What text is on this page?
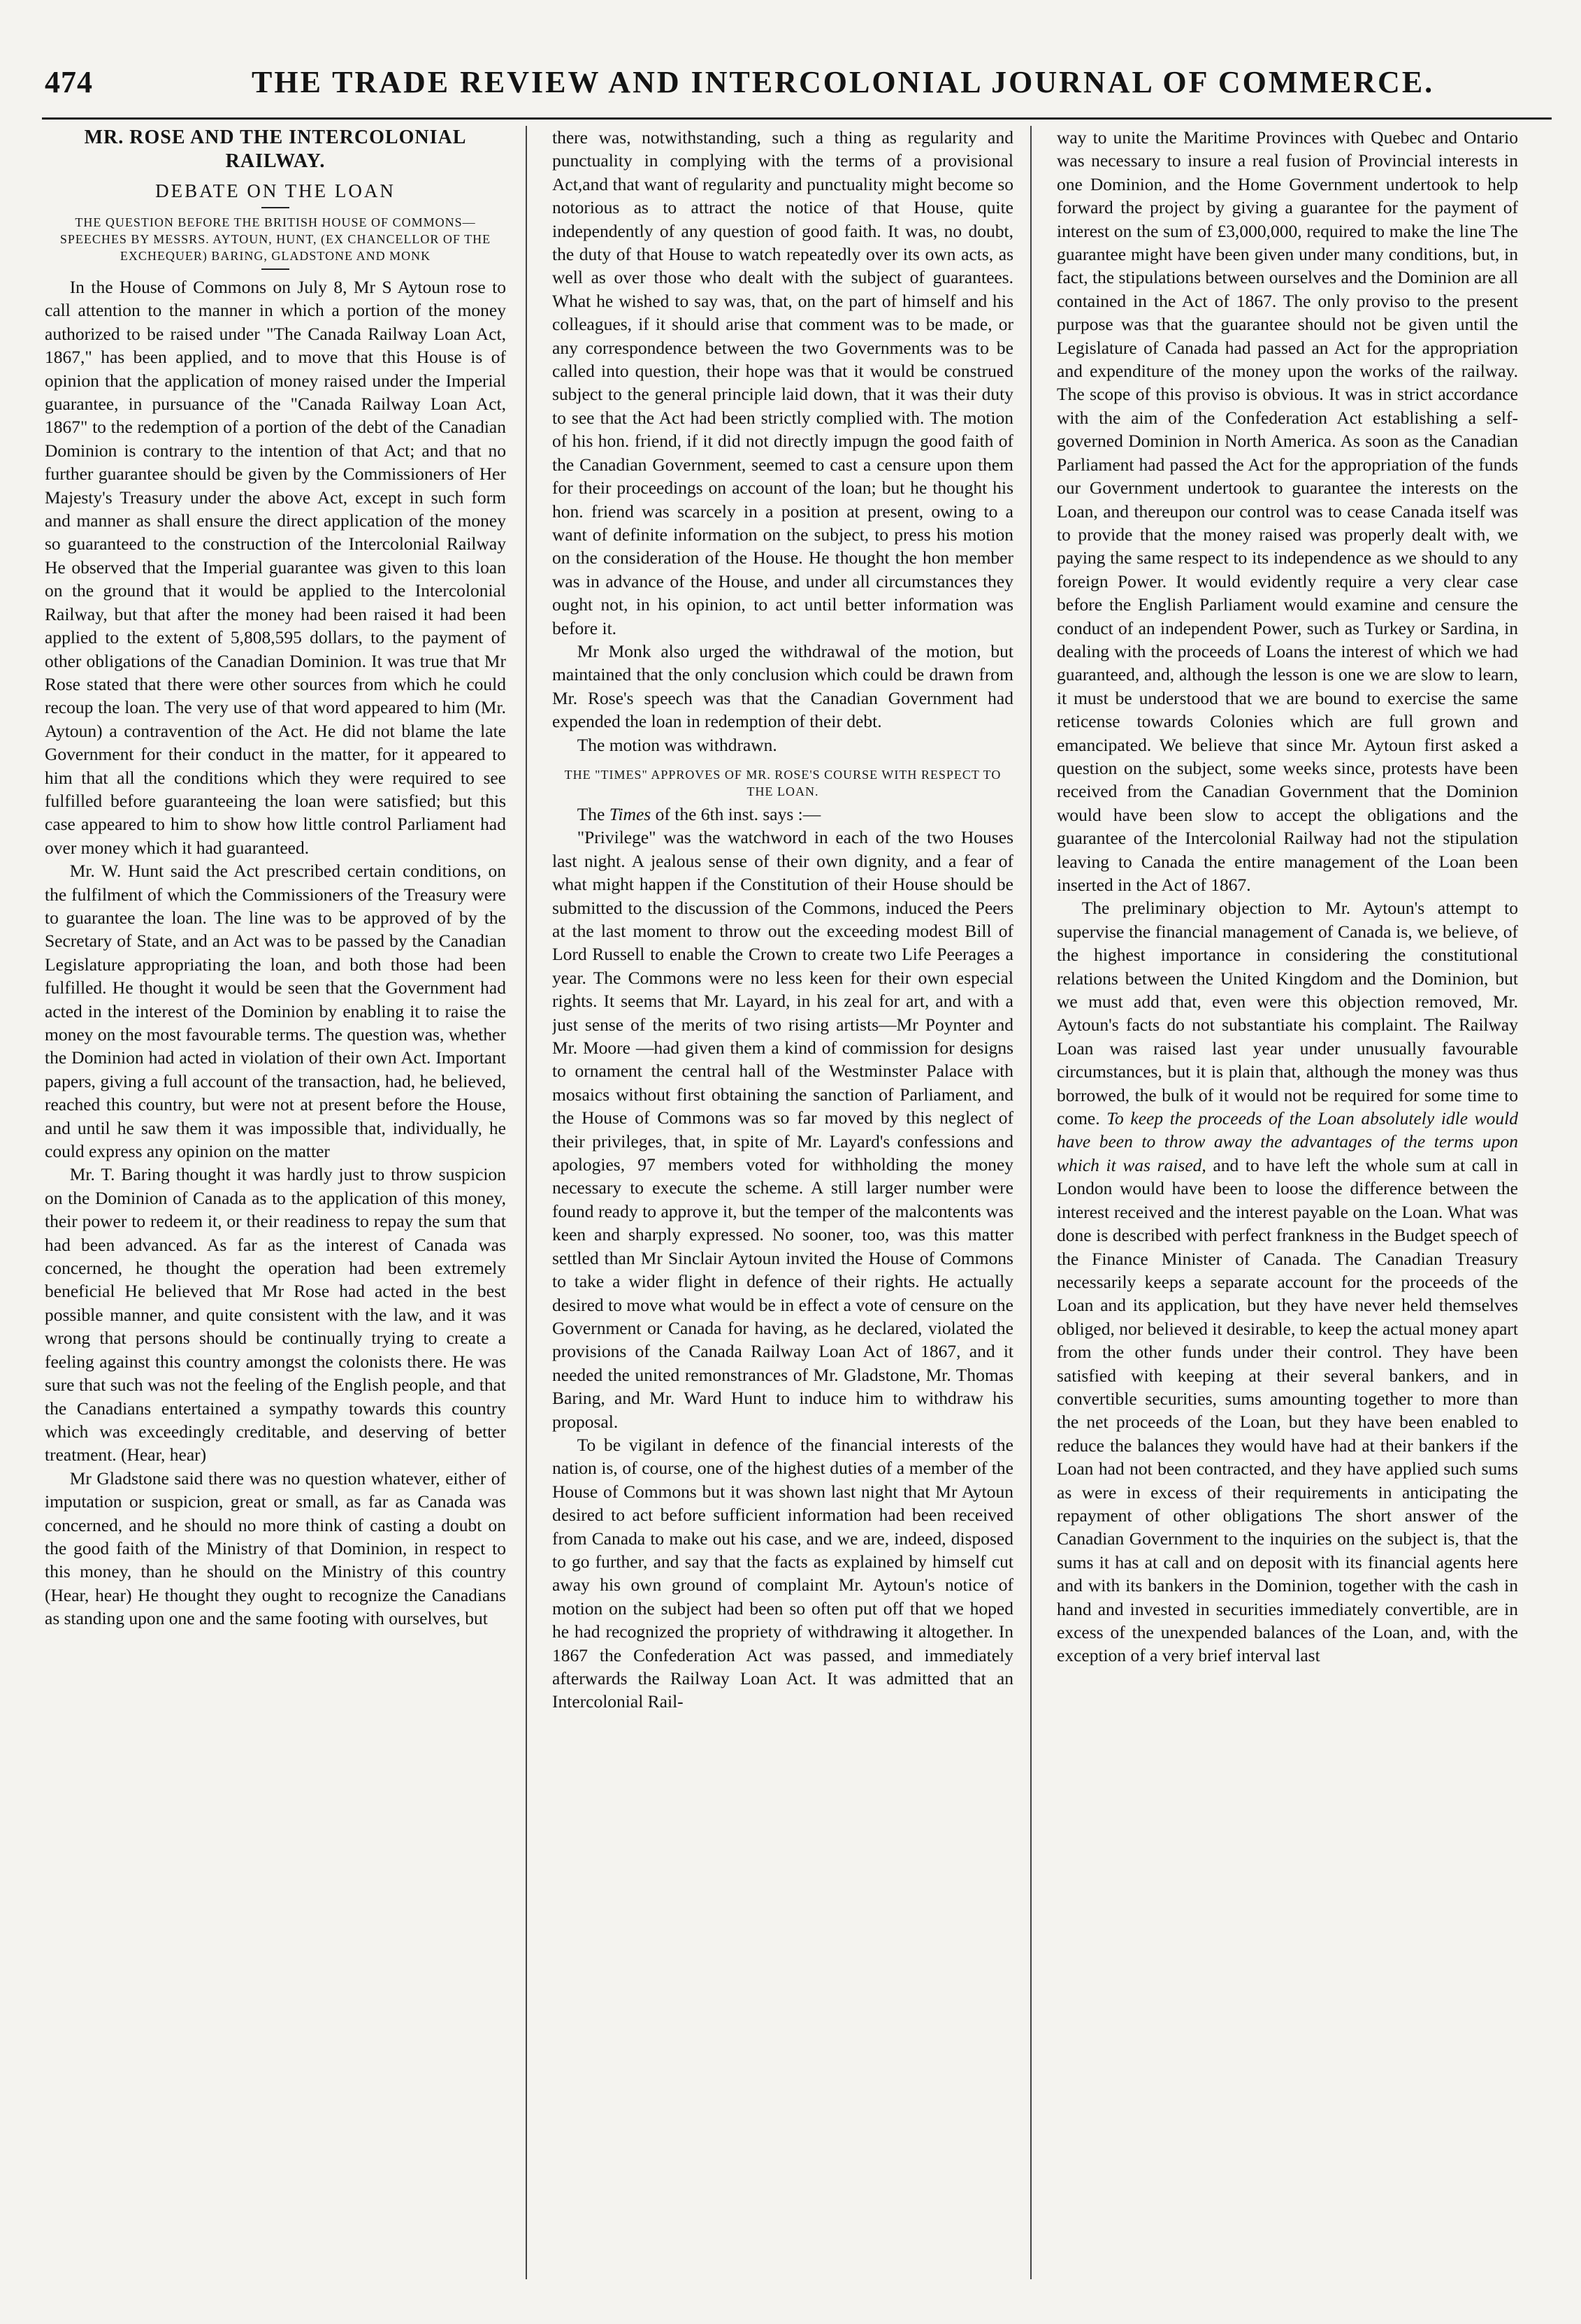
474	THE TRADE REVIEW AND INTERCOLONIAL JOURNAL OF COMMERCE.
MR. ROSE AND THE INTERCOLONIAL RAILWAY.
DEBATE ON THE LOAN
THE QUESTION BEFORE THE BRITISH HOUSE OF COMMONS—SPEECHES BY MESSRS. AYTOUN, HUNT, (EX CHANCELLOR OF THE EXCHEQUER) BARING, GLADSTONE AND MONK

In the House of Commons on July 8, Mr S Aytoun rose to call attention to the manner in which a portion of the money authorized to be raised under "The Canada Railway Loan Act, 1867," has been applied, and to move that this House is of opinion that the application of money raised under the Imperial guarantee, in pursuance of the "Canada Railway Loan Act, 1867" to the redemption of a portion of the debt of the Canadian Dominion is contrary to the intention of that Act; and that no further guarantee should be given by the Commissioners of Her Majesty's Treasury under the above Act, except in such form and manner as shall ensure the direct application of the money so guaranteed to the construction of the Intercolonial Railway He observed that the Imperial guarantee was given to this loan on the ground that it would be applied to the Intercolonial Railway, but that after the money had been raised it had been applied to the extent of 5,808,595 dollars, to the payment of other obligations of the Canadian Dominion. It was true that Mr Rose stated that there were other sources from which he could recoup the loan. The very use of that word appeared to him (Mr. Aytoun) a contravention of the Act. He did not blame the late Government for their conduct in the matter, for it appeared to him that all the conditions which they were required to see fulfilled before guaranteeing the loan were satisfied; but this case appeared to him to show how little control Parliament had over money which it had guaranteed.

Mr. W. Hunt said the Act prescribed certain conditions, on the fulfilment of which the Commissioners of the Treasury were to guarantee the loan. The line was to be approved of by the Secretary of State, and an Act was to be passed by the Canadian Legislature appropriating the loan, and both those had been fulfilled. He thought it would be seen that the Government had acted in the interest of the Dominion by enabling it to raise the money on the most favourable terms. The question was, whether the Dominion had acted in violation of their own Act. Important papers, giving a full account of the transaction, had, he believed, reached this country, but were not at present before the House, and until he saw them it was impossible that, individually, he could express any opinion on the matter

Mr. T. Baring thought it was hardly just to throw suspicion on the Dominion of Canada as to the application of this money, their power to redeem it, or their readiness to repay the sum that had been advanced. As far as the interest of Canada was concerned, he thought the operation had been extremely beneficial He believed that Mr Rose had acted in the best possible manner, and quite consistent with the law, and it was wrong that persons should be continually trying to create a feeling against this country amongst the colonists there. He was sure that such was not the feeling of the English people, and that the Canadians entertained a sympathy towards this country which was exceedingly creditable, and deserving of better treatment. (Hear, hear)

Mr Gladstone said there was no question whatever, either of imputation or suspicion, great or small, as far as Canada was concerned, and he should no more think of casting a doubt on the good faith of the Ministry of that Dominion, in respect to this money, than he should on the Ministry of this country (Hear, hear) He thought they ought to recognize the Canadians as standing upon one and the same footing with ourselves, but

there was, notwithstanding, such a thing as regularity and punctuality in complying with the terms of a provisional Act,and that want of regularity and punctuality might become so notorious as to attract the notice of that House, quite independently of any question of good faith. It was, no doubt, the duty of that House to watch repeatedly over its own acts, as well as over those who dealt with the subject of guarantees. What he wished to say was, that, on the part of himself and his colleagues, if it should arise that comment was to be made, or any correspondence between the two Governments was to be called into question, their hope was that it would be construed subject to the general principle laid down, that it was their duty to see that the Act had been strictly complied with. The motion of his hon. friend, if it did not directly impugn the good faith of the Canadian Government, seemed to cast a censure upon them for their proceedings on account of the loan; but he thought his hon. friend was scarcely in a position at present, owing to a want of definite information on the subject, to press his motion on the consideration of the House. He thought the hon member was in advance of the House, and under all circumstances they ought not, in his opinion, to act until better information was before it.

Mr Monk also urged the withdrawal of the motion, but maintained that the only conclusion which could be drawn from Mr. Rose's speech was that the Canadian Government had expended the loan in redemption of their debt.

The motion was withdrawn.

THE "TIMES" APPROVES OF MR. ROSE'S COURSE WITH RESPECT TO THE LOAN.

The Times of the 6th inst. says :—

"Privilege" was the watchword in each of the two Houses last night. A jealous sense of their own dignity, and a fear of what might happen if the Constitution of their House should be submitted to the discussion of the Commons, induced the Peers at the last moment to throw out the exceeding modest Bill of Lord Russell to enable the Crown to create two Life Peerages a year. The Commons were no less keen for their own especial rights. It seems that Mr. Layard, in his zeal for art, and with a just sense of the merits of two rising artists—Mr Poynter and Mr. Moore —had given them a kind of commission for designs to ornament the central hall of the Westminster Palace with mosaics without first obtaining the sanction of Parliament, and the House of Commons was so far moved by this neglect of their privileges, that, in spite of Mr. Layard's confessions and apologies, 97 members voted for withholding the money necessary to execute the scheme. A still larger number were found ready to approve it, but the temper of the malcontents was keen and sharply expressed. No sooner, too, was this matter settled than Mr Sinclair Aytoun invited the House of Commons to take a wider flight in defence of their rights. He actually desired to move what would be in effect a vote of censure on the Government or Canada for having, as he declared, violated the provisions of the Canada Railway Loan Act of 1867, and it needed the united remonstrances of Mr. Gladstone, Mr. Thomas Baring, and Mr. Ward Hunt to induce him to withdraw his proposal.

To be vigilant in defence of the financial interests of the nation is, of course, one of the highest duties of a member of the House of Commons but it was shown last night that Mr Aytoun desired to act before sufficient information had been received from Canada to make out his case, and we are, indeed, disposed to go further, and say that the facts as explained by himself cut away his own ground of complaint Mr. Aytoun's notice of motion on the subject had been so often put off that we hoped he had recognized the propriety of withdrawing it altogether. In 1867 the Confederation Act was passed, and immediately afterwards the Railway Loan Act. It was admitted that an Intercolonial Rail-

way to unite the Maritime Provinces with Quebec and Ontario was necessary to insure a real fusion of Provincial interests in one Dominion, and the Home Government undertook to help forward the project by giving a guarantee for the payment of interest on the sum of £3,000,000, required to make the line The guarantee might have been given under many conditions, but, in fact, the stipulations between ourselves and the Dominion are all contained in the Act of 1867. The only proviso to the present purpose was that the guarantee should not be given until the Legislature of Canada had passed an Act for the appropriation and expenditure of the money upon the works of the railway. The scope of this proviso is obvious. It was in strict accordance with the aim of the Confederation Act establishing a self-governed Dominion in North America. As soon as the Canadian Parliament had passed the Act for the appropriation of the funds our Government undertook to guarantee the interests on the Loan, and thereupon our control was to cease Canada itself was to provide that the money raised was properly dealt with, we paying the same respect to its independence as we should to any foreign Power. It would evidently require a very clear case before the English Parliament would examine and censure the conduct of an independent Power, such as Turkey or Sardina, in dealing with the proceeds of Loans the interest of which we had guaranteed, and, although the lesson is one we are slow to learn, it must be understood that we are bound to exercise the same reticense towards Colonies which are full grown and emancipated. We believe that since Mr. Aytoun first asked a question on the subject, some weeks since, protests have been received from the Canadian Government that the Dominion would have been slow to accept the obligations and the guarantee of the Intercolonial Railway had not the stipulation leaving to Canada the entire management of the Loan been inserted in the Act of 1867.

The preliminary objection to Mr. Aytoun's attempt to supervise the financial management of Canada is, we believe, of the highest importance in considering the constitutional relations between the United Kingdom and the Dominion, but we must add that, even were this objection removed, Mr. Aytoun's facts do not substantiate his complaint. The Railway Loan was raised last year under unusually favourable circumstances, but it is plain that, although the money was thus borrowed, the bulk of it would not be required for some time to come. To keep the proceeds of the Loan absolutely idle would have been to throw away the advantages of the terms upon which it was raised, and to have left the whole sum at call in London would have been to loose the difference between the interest received and the interest payable on the Loan. What was done is described with perfect frankness in the Budget speech of the Finance Minister of Canada. The Canadian Treasury necessarily keeps a separate account for the proceeds of the Loan and its application, but they have never held themselves obliged, nor believed it desirable, to keep the actual money apart from the other funds under their control. They have been satisfied with keeping at their several bankers, and in convertible securities, sums amounting together to more than the net proceeds of the Loan, but they have been enabled to reduce the balances they would have had at their bankers if the Loan had not been contracted, and they have applied such sums as were in excess of their requirements in anticipating the repayment of other obligations The short answer of the Canadian Government to the inquiries on the subject is, that the sums it has at call and on deposit with its financial agents here and with its bankers in the Dominion, together with the cash in hand and invested in securities immediately convertible, are in excess of the unexpended balances of the Loan, and, with the exception of a very brief interval last
